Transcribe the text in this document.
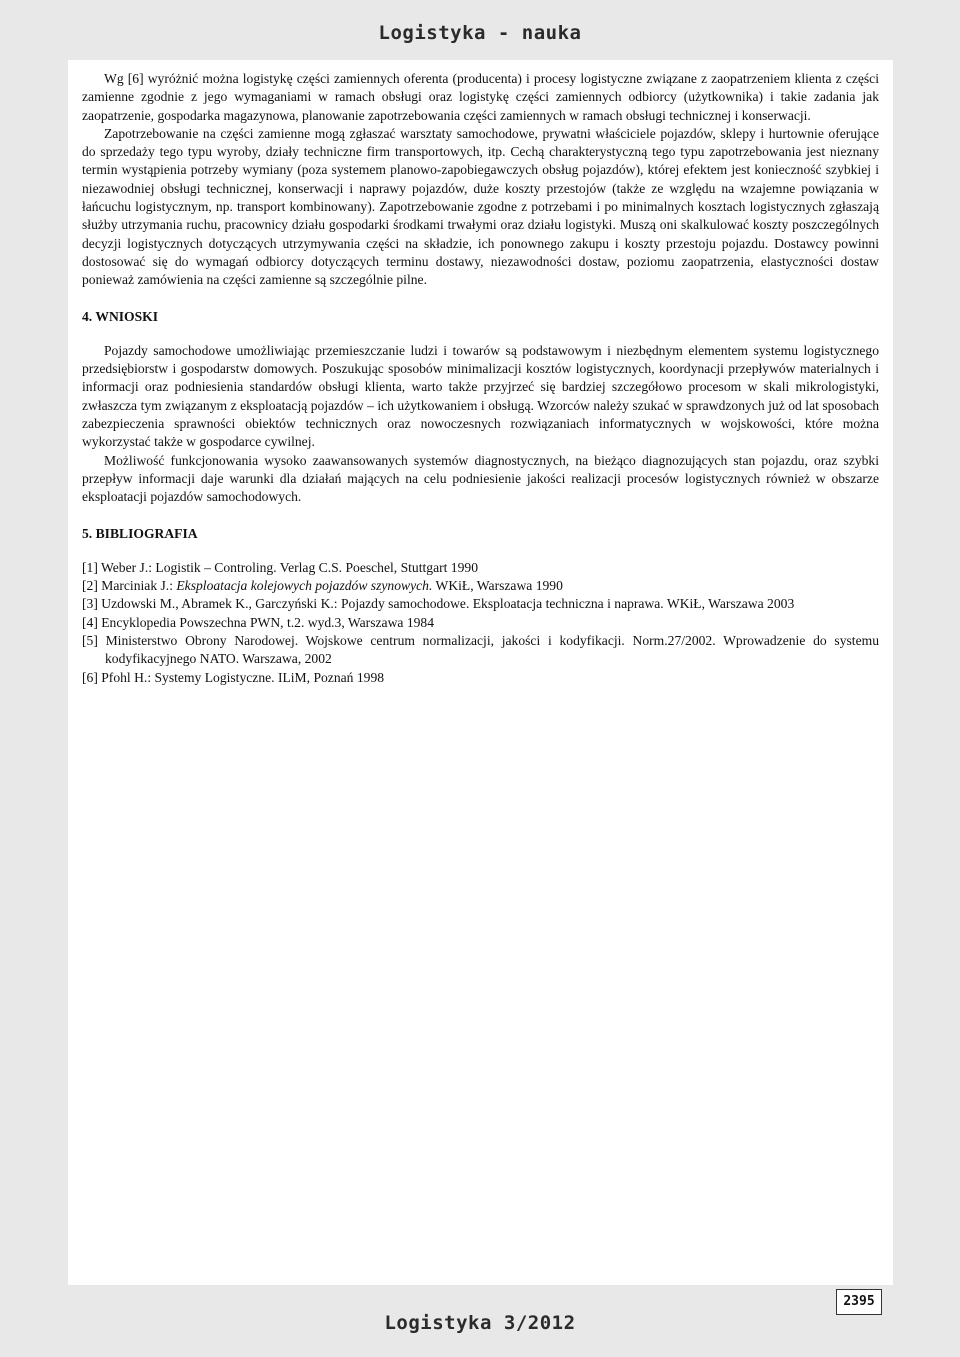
Logistyka - nauka

Wg [6] wyróżnić można logistykę części zamiennych oferenta (producenta) i procesy logistyczne związane z zaopatrzeniem klienta z części zamienne zgodnie z jego wymaganiami w ramach obsługi oraz logistykę części zamiennych odbiorcy (użytkownika) i takie zadania jak zaopatrzenie, gospodarka magazynowa, planowanie zapotrzebowania części zamiennych w ramach obsługi technicznej i konserwacji.

Zapotrzebowanie na części zamienne mogą zgłaszać warsztaty samochodowe, prywatni właściciele pojazdów, sklepy i hurtownie oferujące do sprzedaży tego typu wyroby, działy techniczne firm transportowych, itp. Cechą charakterystyczną tego typu zapotrzebowania jest nieznany termin wystąpienia potrzeby wymiany (poza systemem planowo-zapobiegawczych obsług pojazdów), której efektem jest konieczność szybkiej i niezawodniej obsługi technicznej, konserwacji i naprawy pojazdów, duże koszty przestojów (także ze względu na wzajemne powiązania w łańcuchu logistycznym, np. transport kombinowany). Zapotrzebowanie zgodne z potrzebami i po minimalnych kosztach logistycznych zgłaszają służby utrzymania ruchu, pracownicy działu gospodarki środkami trwałymi oraz działu logistyki. Muszą oni skalkulować koszty poszczególnych decyzji logistycznych dotyczących utrzymywania części na składzie, ich ponownego zakupu i koszty przestoju pojazdu. Dostawcy powinni dostosować się do wymagań odbiorcy dotyczących terminu dostawy, niezawodności dostaw, poziomu zaopatrzenia, elastyczności dostaw ponieważ zamówienia na części zamienne są szczególnie pilne.

4. WNIOSKI

Pojazdy samochodowe umożliwiając przemieszczanie ludzi i towarów są podstawowym i niezbędnym elementem systemu logistycznego przedsiębiorstw i gospodarstw domowych. Poszukując sposobów minimalizacji kosztów logistycznych, koordynacji przepływów materialnych i informacji oraz podniesienia standardów obsługi klienta, warto także przyjrzeć się bardziej szczegółowo procesom w skali mikrologistyki, zwłaszcza tym związanym z eksploatacją pojazdów – ich użytkowaniem i obsługą. Wzorców należy szukać w sprawdzonych już od lat sposobach zabezpieczenia sprawności obiektów technicznych oraz nowoczesnych rozwiązaniach informatycznych w wojskowości, które można wykorzystać także w gospodarce cywilnej.

Możliwość funkcjonowania wysoko zaawansowanych systemów diagnostycznych, na bieżąco diagnozujących stan pojazdu, oraz szybki przepływ informacji daje warunki dla działań mających na celu podniesienie jakości realizacji procesów logistycznych również w obszarze eksploatacji pojazdów samochodowych.

5. BIBLIOGRAFIA
[1] Weber J.: Logistik – Controling. Verlag C.S. Poeschel, Stuttgart 1990
[2] Marciniak J.: Eksploatacja kolejowych pojazdów szynowych. WKiŁ, Warszawa 1990
[3] Uzdowski M., Abramek K., Garczyński K.: Pojazdy samochodowe. Eksploatacja techniczna i naprawa. WKiŁ, Warszawa 2003
[4] Encyklopedia Powszechna PWN, t.2. wyd.3, Warszawa 1984
[5] Ministerstwo Obrony Narodowej. Wojskowe centrum normalizacji, jakości i kodyfikacji. Norm.27/2002. Wprowadzenie do systemu kodyfikacyjnego NATO. Warszawa, 2002
[6] Pfohl H.: Systemy Logistyczne. ILiM, Poznań 1998
2395
Logistyka 3/2012
